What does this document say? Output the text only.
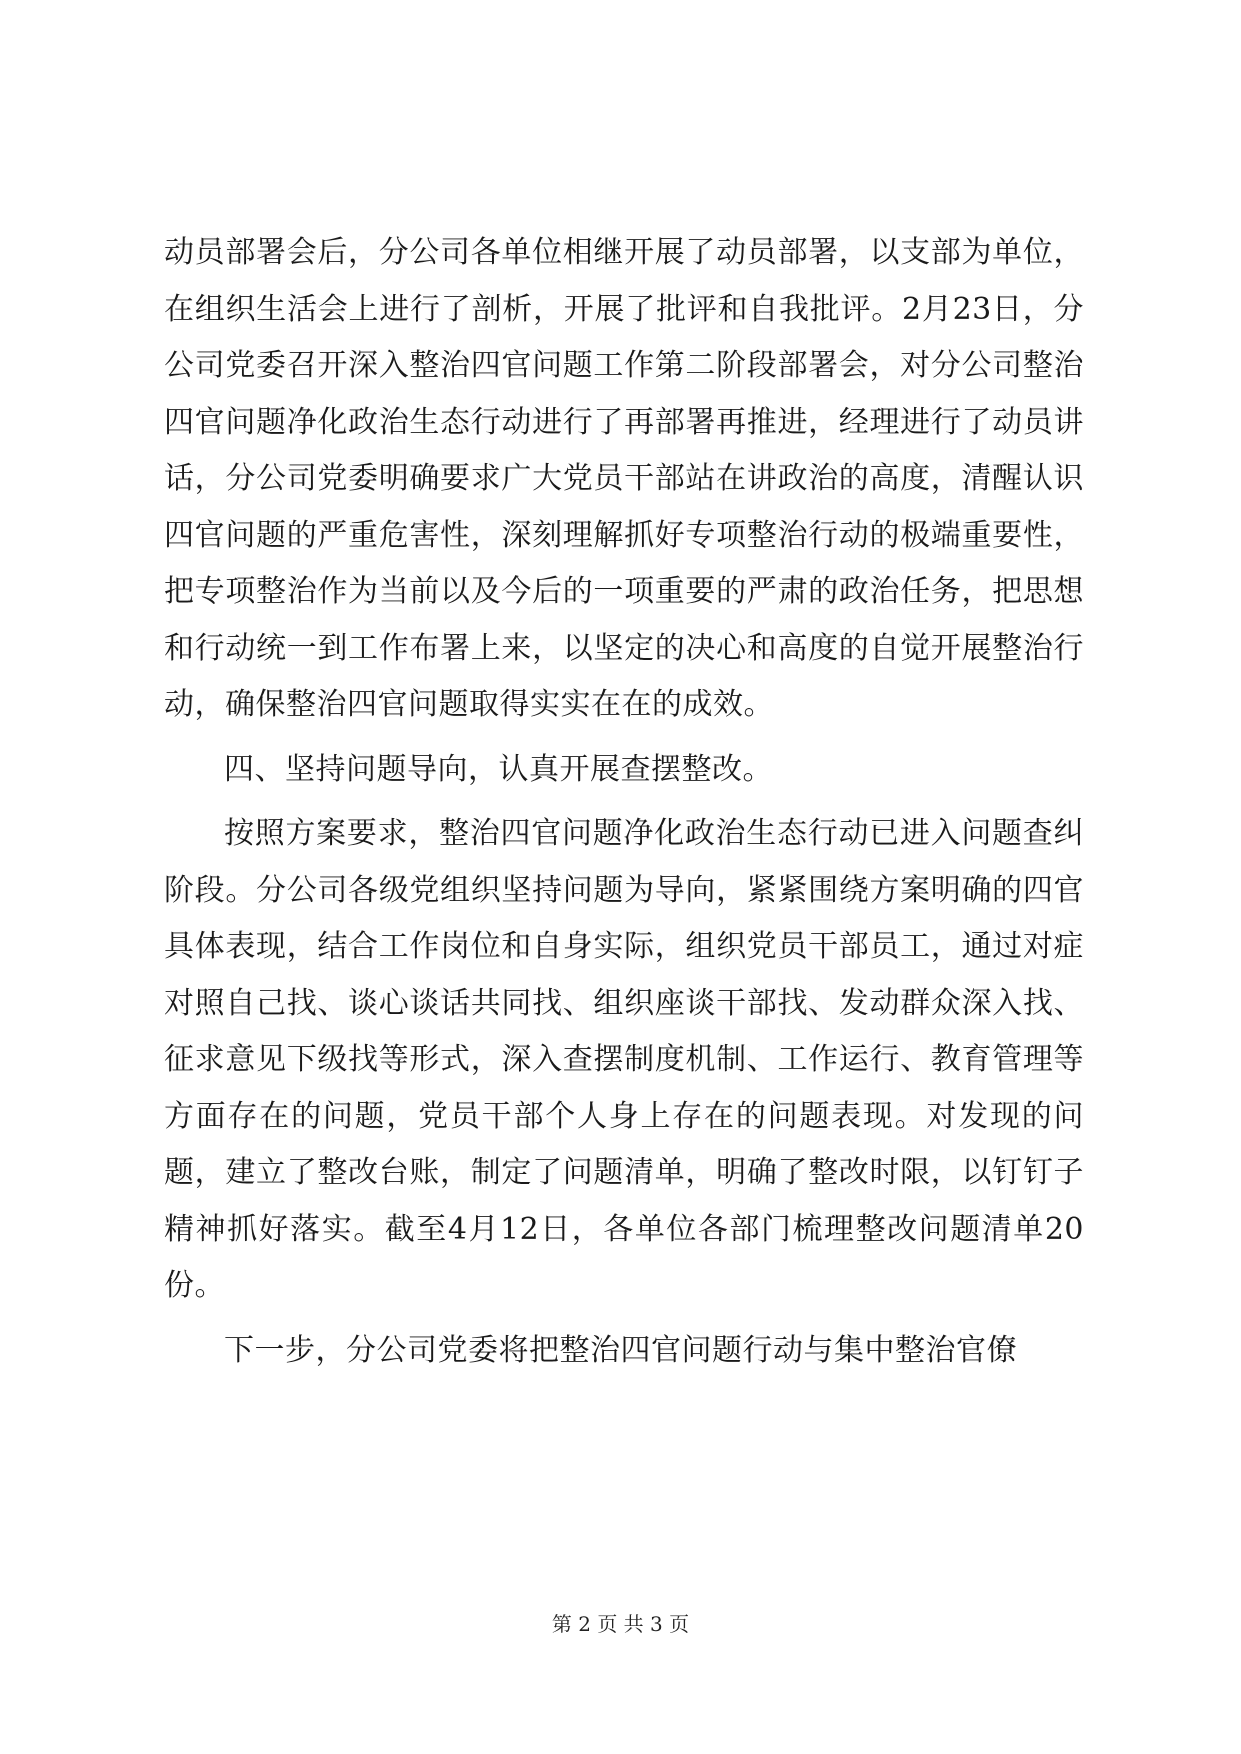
动员部署会后，分公司各单位相继开展了动员部署，以支部为单位，在组织生活会上进行了剖析，开展了批评和自我批评。2月23日，分公司党委召开深入整治四官问题工作第二阶段部署会，对分公司整治四官问题净化政治生态行动进行了再部署再推进，经理进行了动员讲话，分公司党委明确要求广大党员干部站在讲政治的高度，清醒认识四官问题的严重危害性，深刻理解抓好专项整治行动的极端重要性，把专项整治作为当前以及今后的一项重要的严肃的政治任务，把思想和行动统一到工作布署上来，以坚定的决心和高度的自觉开展整治行动，确保整治四官问题取得实实在在的成效。

四、坚持问题导向，认真开展查摆整改。

按照方案要求，整治四官问题净化政治生态行动已进入问题查纠阶段。分公司各级党组织坚持问题为导向，紧紧围绕方案明确的四官具体表现，结合工作岗位和自身实际，组织党员干部员工，通过对症对照自己找、谈心谈话共同找、组织座谈干部找、发动群众深入找、征求意见下级找等形式，深入查摆制度机制、工作运行、教育管理等方面存在的问题，党员干部个人身上存在的问题表现。对发现的问题，建立了整改台账，制定了问题清单，明确了整改时限，以钉钉子精神抓好落实。截至4月12日，各单位各部门梳理整改问题清单20份。

下一步，分公司党委将把整治四官问题行动与集中整治官僚

第 2 页 共 3 页
